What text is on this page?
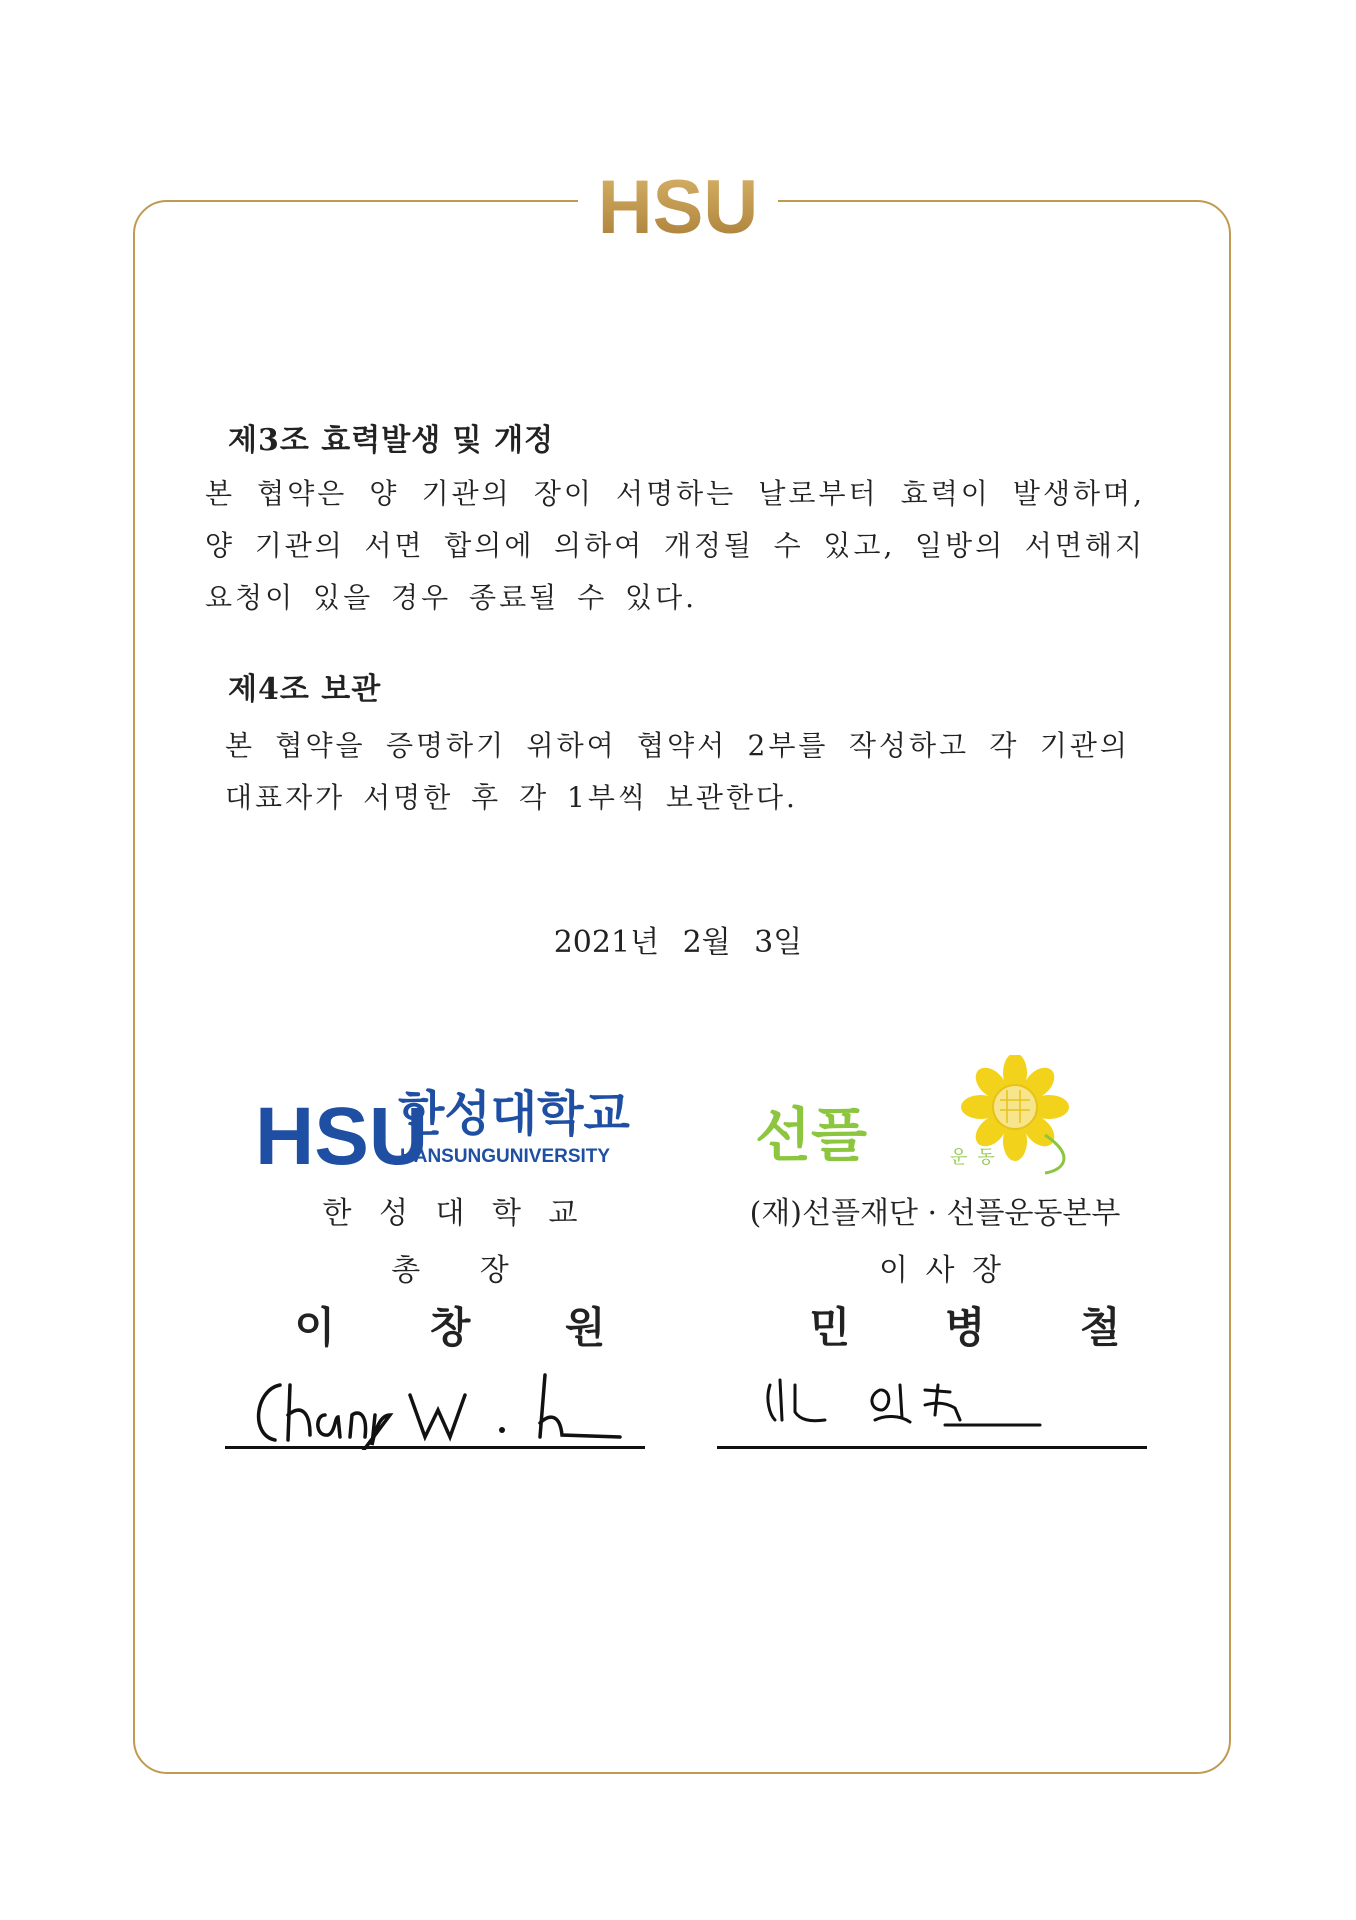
HSU
제3조 효력발생 및 개정

본 협약은 양 기관의 장이 서명하는 날로부터 효력이 발생하며, 양 기관의 서면 합의에 의하여 개정될 수 있고, 일방의 서면해지 요청이 있을 경우 종료될 수 있다.

제4조 보관

본 협약을 증명하기 위하여 협약서 2부를 작성하고 각 기관의 대표자가 서명한 후 각 1부씩 보관한다.

2021년 2월 3일
HSU
한성대학교
HANSUNGUNIVERSITY
한 성 대 학 교
총 장
이 창 원
선플	운동
(재)선플재단 · 선플운동본부
이 사 장
민 병 철
